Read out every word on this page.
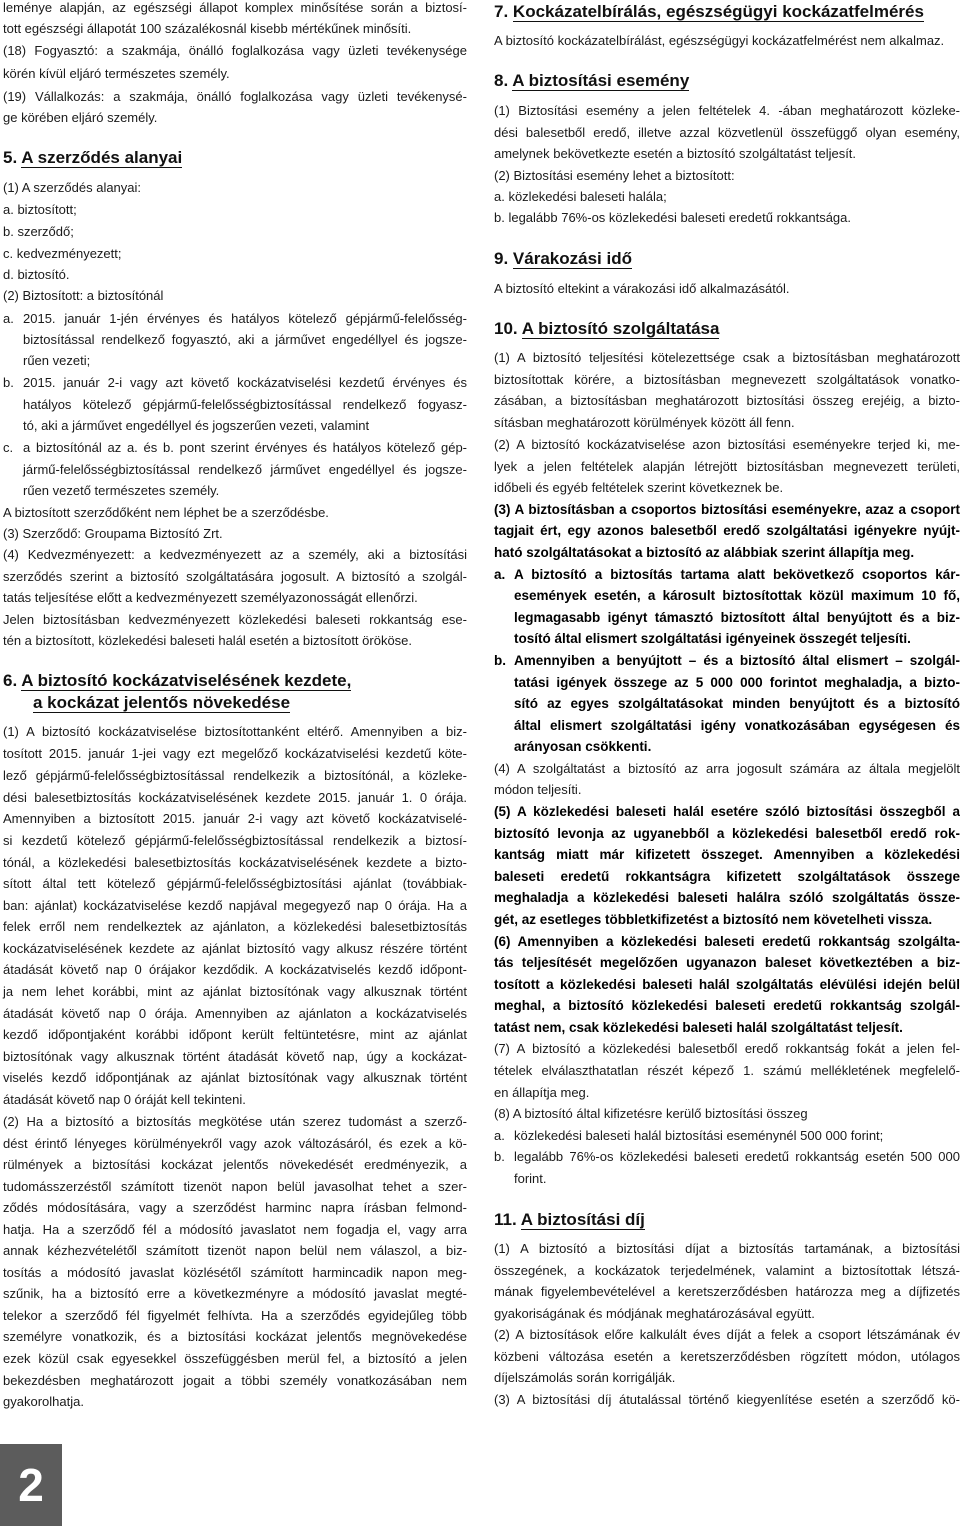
leménye alapján, az egészségi állapot komplex minősítése során a biztosí-
tott egészségi állapotát 100 százalékosnál kisebb mértékűnek minősíti.
(18) Fogyasztó: a szakmája, önálló foglalkozása vagy üzleti tevékenysége
körén kívül eljáró természetes személy.
(19) Vállalkozás: a szakmája, önálló foglalkozása vagy üzleti tevékenysé-
ge körében eljáró személy.
5. A szerződés alanyai
(1) A szerződés alanyai:
a. biztosított;
b. szerződő;
c. kedvezményezett;
d. biztosító.
(2) Biztosított: a biztosítónál
a. 2015. január 1-jén érvényes és hatályos kötelező gépjármű-felelősség-
biztosítással rendelkező fogyasztó, aki a járművet engedéllyel és jogsze-
rűen vezeti;
b. 2015. január 2-i vagy azt követő kockázatviselési kezdetű érvényes és
hatályos kötelező gépjármű-felelősségbiztosítással rendelkező fogyasz-
tó, aki a járművet engedéllyel és jogszerűen vezeti, valamint
c. a biztosítónál az a. és b. pont szerint érvényes és hatályos kötelező gép-
jármű-felelősségbiztosítással rendelkező járművet engedéllyel és jogsze-
rűen vezető természetes személy.
A biztosított szerződőként nem léphet be a szerződésbe.
(3) Szerződő: Groupama Biztosító Zrt.
(4) Kedvezményezett: a kedvezményezett az a személy, aki a biztosítási
szerződés szerint a biztosító szolgáltatására jogosult. A biztosító a szolgál-
tatás teljesítése előtt a kedvezményezett személyazonosságát ellenőrzi.
Jelen biztosításban kedvezményezett közlekedési baleseti rokkantság ese-
tén a biztosított, közlekedési baleseti halál esetén a biztosított örököse.
6. A biztosító kockázatviselésének kezdete,
a kockázat jelentős növekedése
(1) A biztosító kockázatviselése biztosítottanként eltérő. Amennyiben a biz-
tosított 2015. január 1-jei vagy ezt megelőző kockázatviselési kezdetű köte-
lező gépjármű-felelősségbiztosítással rendelkezik a biztosítónál, a közleke-
dési balesetbiztosítás kockázatviselésének kezdete 2015. január 1. 0 órája.
Amennyiben a biztosított 2015. január 2-i vagy azt követő kockázatviselé-
si kezdetű kötelező gépjármű-felelősségbiztosítással rendelkezik a biztosí-
tónál, a közlekedési balesetbiztosítás kockázatviselésének kezdete a bizto-
sított által tett kötelező gépjármű-felelősségbiztosítási ajánlat (továbbiak-
ban: ajánlat) kockázatviselése kezdő napjával megegyező nap 0 órája. Ha a
felek erről nem rendelkeztek az ajánlaton, a közlekedési balesetbiztosítás
kockázatviselésének kezdete az ajánlat biztosító vagy alkusz részére történt
átadását követő nap 0 órájakor kezdődik. A kockázatviselés kezdő időpont-
ja nem lehet korábbi, mint az ajánlat biztosítónak vagy alkusznak történt
átadását követő nap 0 órája. Amennyiben az ajánlaton a kockázatviselés
kezdő időpontjaként korábbi időpont került feltüntetésre, mint az ajánlat
biztosítónak vagy alkusznak történt átadását követő nap, úgy a kockázat-
viselés kezdő időpontjának az ajánlat biztosítónak vagy alkusznak történt
átadását követő nap 0 óráját kell tekinteni.
(2) Ha a biztosító a biztosítás megkötése után szerez tudomást a szerző-
dést érintő lényeges körülményekről vagy azok változásáról, és ezek a kö-
rülmények a biztosítási kockázat jelentős növekedését eredményezik, a
tudomásszerzéstől számított tizenöt napon belül javasolhat tehet a szer-
ződés módosítására, vagy a szerződést harminc napra írásban felmond-
hatja. Ha a szerződő fél a módosító javaslatot nem fogadja el, vagy arra
annak kézhezvételétől számított tizenöt napon belül nem válaszol, a biz-
tosítás a módosító javaslat közlésétől számított harmincadik napon meg-
szűnik, ha a biztosító erre a következményre a módosító javaslat megté-
telekor a szerződő fél figyelmét felhívta. Ha a szerződés egyidejűleg több
személyre vonatkozik, és a biztosítási kockázat jelentős megnövekedése
ezek közül csak egyesekkel összefüggésben merül fel, a biztosító a jelen
bekezdésben meghatározott jogait a többi személy vonatkozásában nem
gyakorolhatja.
7. Kockázatelbírálás, egészségügyi kockázatfelmérés
A biztosító kockázatelbírálást, egészségügyi kockázatfelmérést nem alkalmaz.
8. A biztosítási esemény
(1) Biztosítási esemény a jelen feltételek 4. -ában meghatározott közleke-
dési balesetből eredő, illetve azzal közvetlenül összefüggő olyan esemény,
amelynek bekövetkezte esetén a biztosító szolgáltatást teljesít.
(2) Biztosítási esemény lehet a biztosított:
a. közlekedési baleseti halála;
b. legalább 76%-os közlekedési baleseti eredetű rokkantsága.
9. Várakozási idő
A biztosító eltekint a várakozási idő alkalmazásától.
10. A biztosító szolgáltatása
(1) A biztosító teljesítési kötelezettsége csak a biztosításban meghatározott
biztosítottak körére, a biztosításban megnevezett szolgáltatások vonatko-
zásában, a biztosításban meghatározott biztosítási összeg erejéig, a bizto-
sításban meghatározott körülmények között áll fenn.
(2) A biztosító kockázatviselése azon biztosítási eseményekre terjed ki, me-
lyek a jelen feltételek alapján létrejött biztosításban megnevezett területi,
időbeli és egyéb feltételek szerint következnek be.
(3) A biztosításban a csoportos biztosítási eseményekre, azaz a csoport
tagjait ért, egy azonos balesetből eredő szolgáltatási igényekre nyújt-
ható szolgáltatásokat a biztosító az alábbiak szerint állapítja meg.
a. A biztosító a biztosítás tartama alatt bekövetkező csoportos kár-
események esetén, a károsult biztosítottak közül maximum 10 fő,
legmagasabb igényt támasztó biztosított által benyújtott és a biz-
tosító által elismert szolgáltatási igényeinek összegét teljesíti.
b. Amennyiben a benyújtott – és a biztosító által elismert – szolgál-
tatási igények összege az 5 000 000 forintot meghaladja, a bizto-
sító az egyes szolgáltatásokat minden benyújtott és a biztosító
által elismert szolgáltatási igény vonatkozásában egységesen és
arányosan csökkenti.
(4) A szolgáltatást a biztosító az arra jogosult számára az általa megjelölt
módon teljesíti.
(5) A közlekedési baleseti halál esetére szóló biztosítási összegből a
biztosító levonja az ugyanebből a közlekedési balesetből eredő rok-
kantság miatt már kifizetett összeget. Amennyiben a közlekedési
baleseti eredetű rokkantságra kifizetett szolgáltatások összege
meghaladja a közlekedési baleseti halálra szóló szolgáltatás össze-
gét, az esetleges többletkifizetést a biztosító nem követelheti vissza.
(6) Amennyiben a közlekedési baleseti eredetű rokkantság szolgálta-
tás teljesítését megelőzően ugyanazon baleset következtében a biz-
tosított a közlekedési baleseti halál szolgáltatás elévülési idején belül
meghal, a biztosító közlekedési baleseti eredetű rokkantság szolgál-
tatást nem, csak közlekedési baleseti halál szolgáltatást teljesít.
(7) A biztosító a közlekedési balesetből eredő rokkantság fokát a jelen fel-
tételek elválaszthatatlan részét képező 1. számú mellékletének megfelelő-
en állapítja meg.
(8) A biztosító által kifizetésre kerülő biztosítási összeg
a. közlekedési baleseti halál biztosítási eseménynél 500 000 forint;
b. legalább 76%-os közlekedési baleseti eredetű rokkantság esetén 500 000
forint.
11. A biztosítási díj
(1) A biztosító a biztosítási díjat a biztosítás tartamának, a biztosítási
összegének, a kockázatok terjedelmének, valamint a biztosítottak létszá-
mának figyelembevételével a keretszerződésben határozza meg a díjfizetés
gyakoriságának és módjának meghatározásával együtt.
(2) A biztosítások előre kalkulált éves díját a felek a csoport létszámának év
közbeni változása esetén a keretszerződésben rögzített módon, utólagos
díjelszámolás során korrigálják.
(3) A biztosítási díj átutalással történő kiegyenlítése esetén a szerződő kö-
2
